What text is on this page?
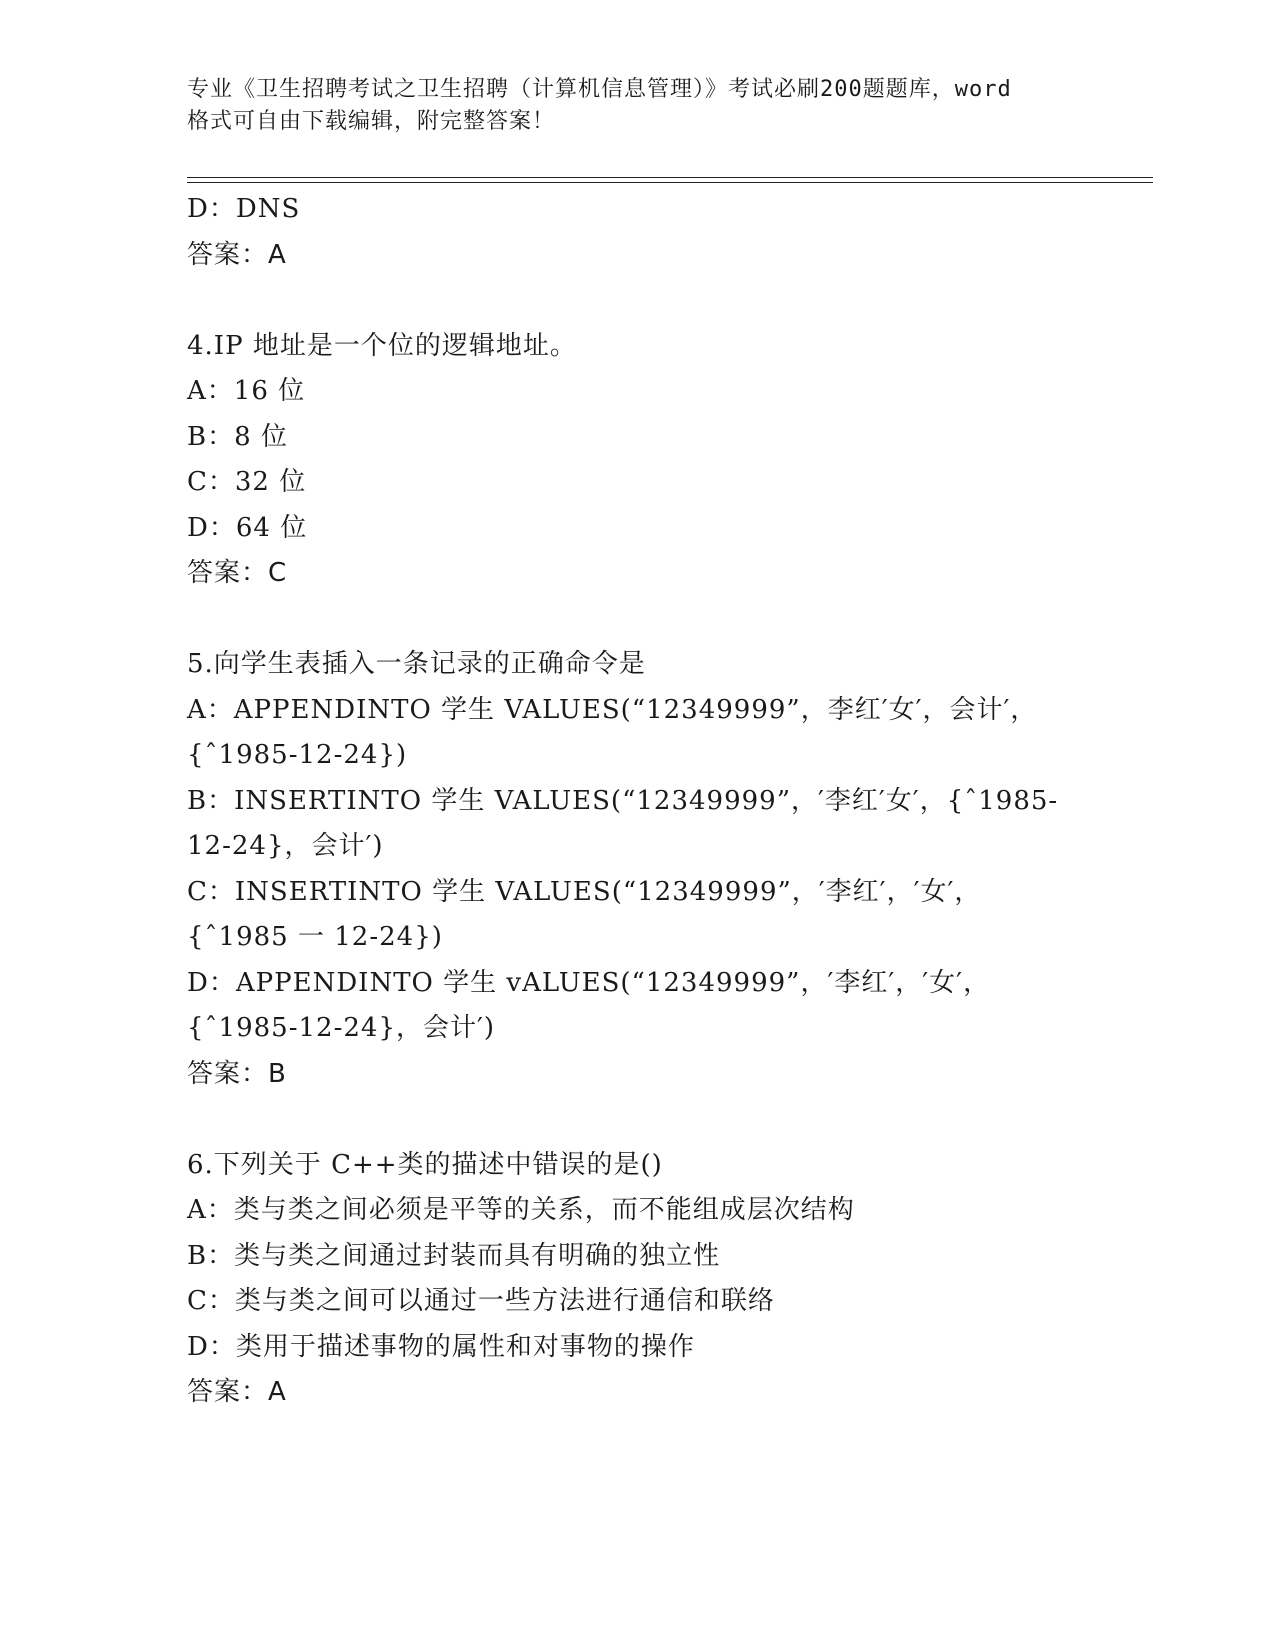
专业《卫生招聘考试之卫生招聘（计算机信息管理）》考试必刷200题题库，word
格式可自由下载编辑，附完整答案！

D：DNS

答案：A

4.IP 地址是一个位的逻辑地址。

A：16 位

B：8 位

C：32 位

D：64 位

答案：C

5.向学生表插入一条记录的正确命令是

A：APPENDINTO 学生 VALUES(“12349999”，李红′女′，会计′，

{ˆ1985-12-24})

B：INSERTINTO 学生 VALUES(“12349999”，′李红′女′，{ˆ1985-

12-24}，会计′)

C：INSERTINTO 学生 VALUES(“12349999”，′李红′，′女′，

{ˆ1985 一 12-24})

D：APPENDINTO 学生 vALUES(“12349999”，′李红′，′女′，

{ˆ1985-12-24}，会计′)

答案：B

6.下列关于 C++类的描述中错误的是()

A：类与类之间必须是平等的关系，而不能组成层次结构

B：类与类之间通过封装而具有明确的独立性

C：类与类之间可以通过一些方法进行通信和联络

D：类用于描述事物的属性和对事物的操作

答案：A
